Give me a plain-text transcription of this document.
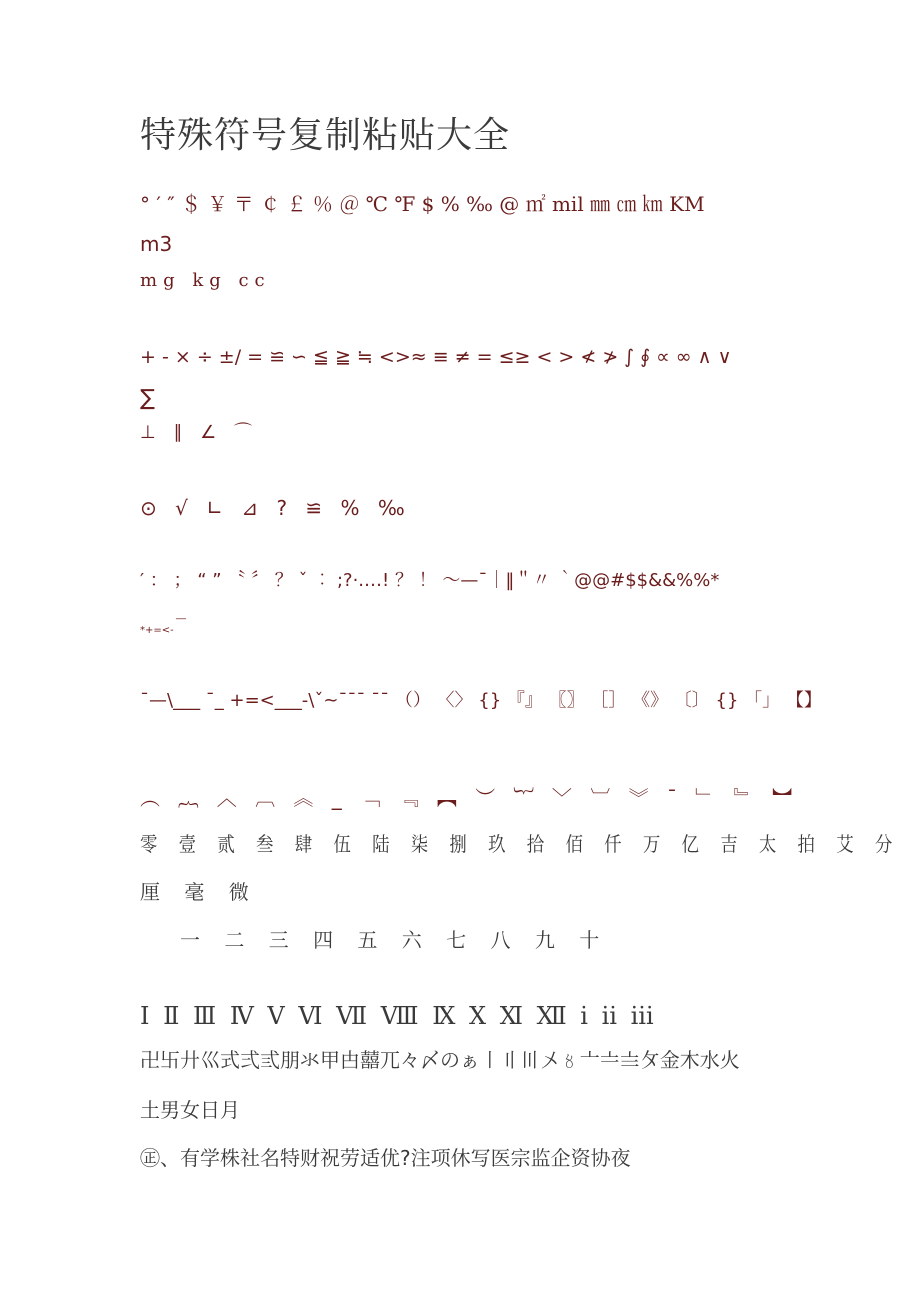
特殊符号复制粘贴大全
° ′ ″ ＄ ￥ 〒 ￠ ￡ ％ ＠ ℃ ℉ $ % ‰ @ ㎡ mil ㎜ ㎝ ㎞ KM
m3
mg kg cc
+ - × ÷ ±/ = ≌ ∽ ≦ ≧ ≒ <>≈ ≡ ≠ = ≤≥ < > ≮ ≯ ∫ ∮ ∝ ∞ ∧ ∨
∑
⊥ ∥ ∠ ⌒
⊙ √ ∟ ⊿ ? ≌ % ‰
′ ： ； “ ” 〝 〞 ？ ˇ ︰ ;?·.…! ？ ！ ～—¯｜‖＂〃 ｀@@#$$&&%%*
__
*+=<-
¯—\___ ¯_ +=<___-\ˇ~¯¯¯ ¯¯ （） 〈〉 {} 『』 〖〗 ［］ 《》 〔〕 {} 「」 【】
︵ ︷ ︿ ︹ ︽ _ ﹁ ﹃ ︻ ︶ ︸ ﹀ ︺ ︾ ˉ ﹂ ﹄ ︼
零 壹 贰 叁 肆 伍 陆 柒 捌 玖 拾 佰 仟 万 亿 吉 太 拍 艾 分
厘 毫 微
一 二 三 四 五 六 七 八 九 十
Ⅰ Ⅱ Ⅲ Ⅳ Ⅴ Ⅵ Ⅶ Ⅷ Ⅸ Ⅹ Ⅺ Ⅻ ⅰ ⅱ ⅲ
卍卐廾巛式弍弎朋氺甲甴囍兀々〆のぁ〡〢〣〤〥〦〧〨〩金木水火
土男女日月
㊣、有学株社名特财祝劳适优?注项休写医宗监企资协夜
